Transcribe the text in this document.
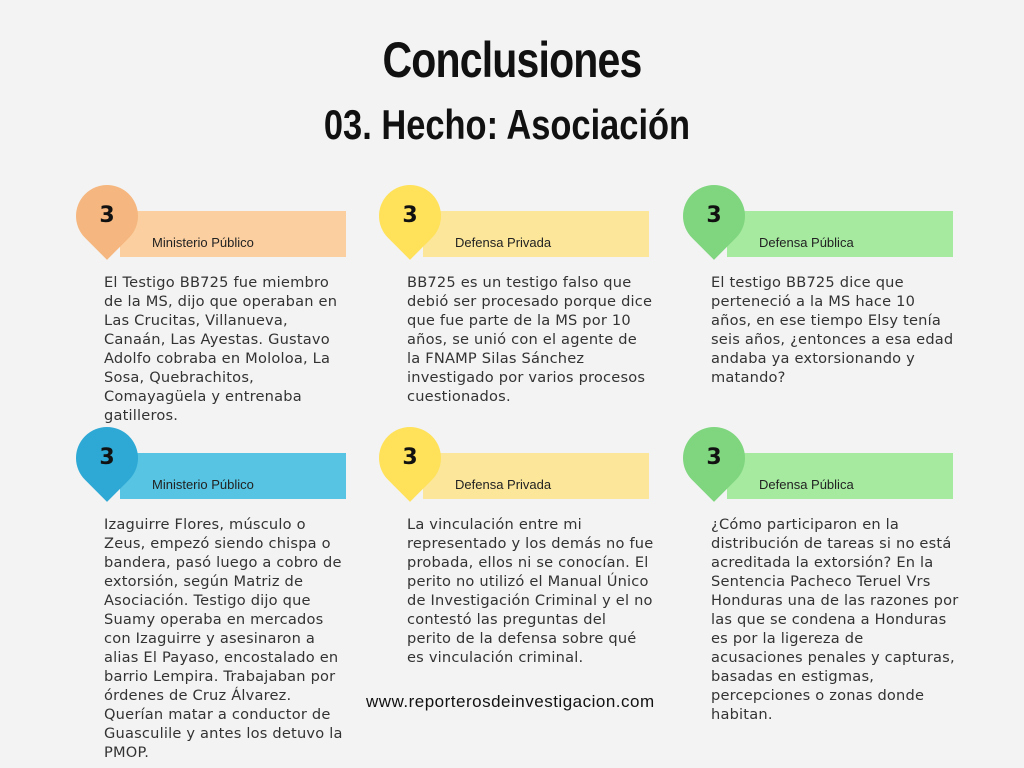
Conclusiones
03. Hecho: Asociación
Ministerio Público
3
El Testigo BB725 fue miembro de la MS, dijo que operaban en Las Crucitas, Villanueva, Canaán, Las Ayestas. Gustavo Adolfo cobraba en Mololoa, La Sosa, Quebrachitos, Comayagüela y entrenaba gatilleros.
Defensa Privada
3
BB725 es un testigo falso que debió ser procesado porque dice que fue parte de la MS por 10 años, se unió con el agente de la FNAMP Silas Sánchez investigado por varios procesos cuestionados.
Defensa Pública
3
El testigo BB725 dice que perteneció a la MS hace 10 años, en ese tiempo Elsy tenía seis años, ¿entonces a esa edad andaba ya extorsionando y matando?
Ministerio Público
3
Izaguirre Flores, músculo o Zeus, empezó siendo chispa o bandera, pasó luego a cobro de extorsión, según Matriz de Asociación. Testigo dijo que Suamy operaba en mercados con Izaguirre y asesinaron a alias El Payaso, encostalado en barrio Lempira. Trabajaban por órdenes de Cruz Álvarez. Querían matar a conductor de Guasculile y antes los detuvo la PMOP.
Defensa Privada
3
La vinculación entre mi representado y los demás no fue probada, ellos ni se conocían. El perito no utilizó el Manual Único de Investigación Criminal y el no contestó las preguntas del perito de la defensa sobre qué es vinculación criminal.
Defensa Pública
3
¿Cómo participaron en la distribución de tareas si no está acreditada la extorsión? En la Sentencia Pacheco Teruel Vrs Honduras una de las razones por las que se condena a Honduras es por la ligereza de acusaciones penales y capturas, basadas en estigmas, percepciones o zonas donde habitan.
www.reporterosdeinvestigacion.com
